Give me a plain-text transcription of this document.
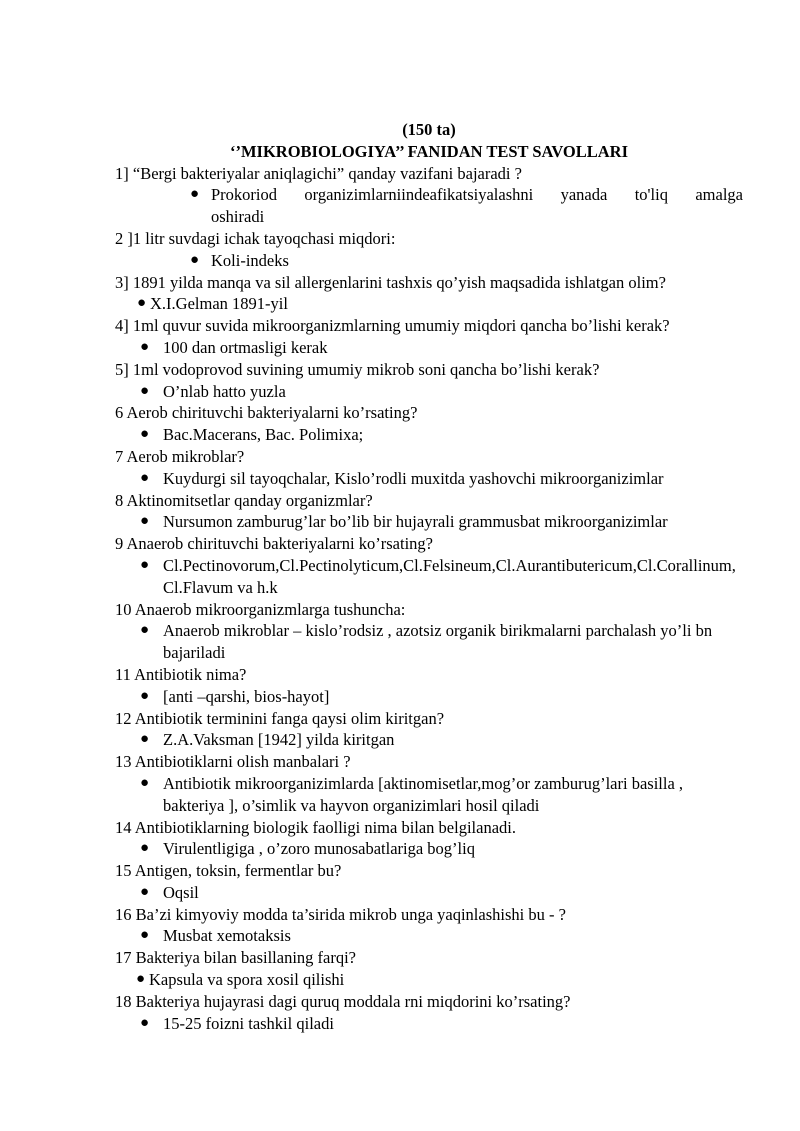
(150 ta)
‘’MIKROBIOLOGIYA’’ FANIDAN TEST SAVOLLARI
1] “Bergi bakteriyalar aniqlagichi” qanday vazifani bajaradi ?
● Prokoriod organizimlarniindeafikatsiyalashni yanada to'liq amalga
oshiradi
2 ]1 litr suvdagi ichak tayoqchasi miqdori:
● Koli-indeks
3] 1891 yilda manqa va sil allergenlarini tashxis qo’yish maqsadida ishlatgan olim?
● X.I.Gelman 1891-yil
4] 1ml quvur suvida mikroorganizmlarning umumiy miqdori qancha bo’lishi kerak?
● 100 dan ortmasligi kerak
5] 1ml vodoprovod suvining umumiy mikrob soni qancha bo’lishi kerak?
● O’nlab hatto yuzla
6 Aerob chirituvchi bakteriyalarni ko’rsating?
● Bac.Macerans, Bac. Polimixa;
7 Aerob mikroblar?
● Kuydurgi sil tayoqchalar, Kislo’rodli muxitda yashovchi mikroorganizimlar
8 Aktinomitsetlar qanday organizmlar?
● Nursumon zamburug’lar bo’lib bir hujayrali grammusbat mikroorganizimlar
9 Anaerob chirituvchi bakteriyalarni ko’rsating?
● Cl.Pectinovorum,Cl.Pectinolyticum,Cl.Felsineum,Cl.Aurantibutericum,Cl.Corallinum,Cl.Flavum va h.k
10 Anaerob mikroorganizmlarga tushuncha:
● Anaerob mikroblar – kislo’rodsiz , azotsiz organik birikmalarni parchalash yo’li bn bajariladi
11 Antibiotik nima?
● [anti –qarshi, bios-hayot]
12 Antibiotik terminini fanga qaysi olim kiritgan?
● Z.A.Vaksman [1942] yilda kiritgan
13 Antibiotiklarni olish manbalari ?
● Antibiotik mikroorganizimlarda [aktinomisetlar,mog’or zamburug’lari basilla , bakteriya ], o’simlik va hayvon organizimlari hosil qiladi
14 Antibiotiklarning biologik faolligi nima bilan belgilanadi.
● Virulentligiga , o’zoro munosabatlariga bog’liq
15 Antigen, toksin, fermentlar bu?
● Oqsil
16 Ba’zi kimyoviy modda ta’sirida mikrob unga yaqinlashishi bu - ?
● Musbat xemotaksis
17 Bakteriya bilan basillaning farqi?
● Kapsula va spora xosil qilishi
18 Bakteriya hujayrasi dagi quruq moddala rni miqdorini ko’rsating?
● 15-25 foizni tashkil qiladi
